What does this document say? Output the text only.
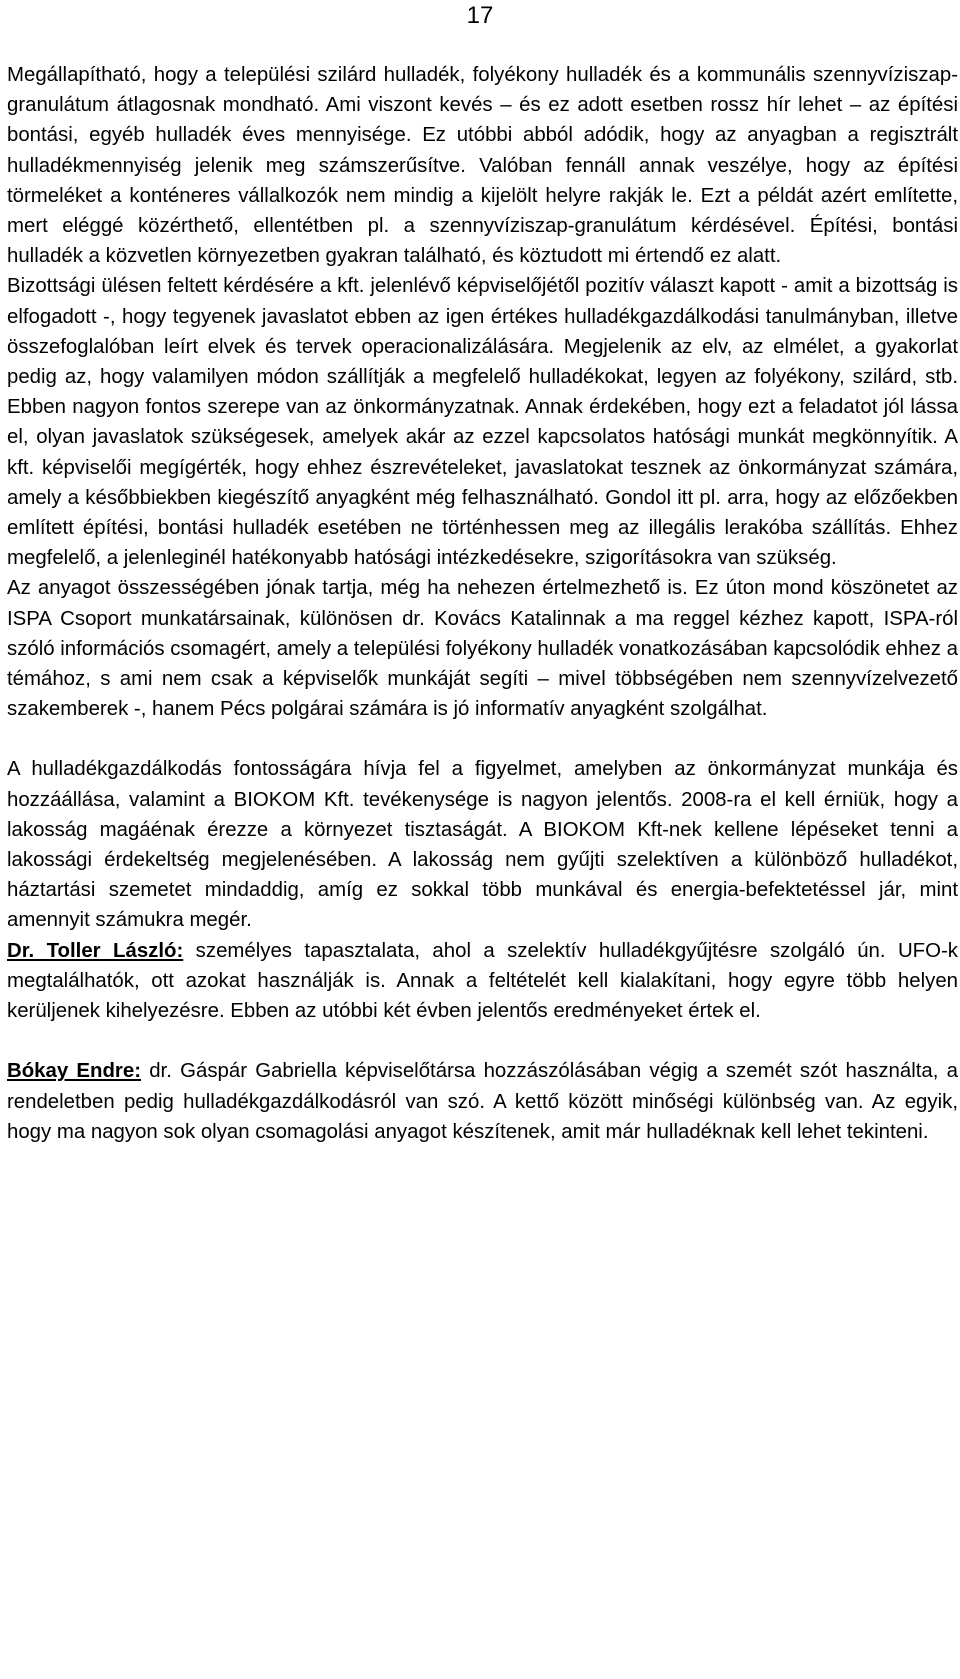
17

Megállapítható, hogy a települési szilárd hulladék, folyékony hulladék és a kommunális szennyvíziszap-granulátum átlagosnak mondható. Ami viszont kevés – és ez adott esetben rossz hír lehet – az építési bontási, egyéb hulladék éves mennyisége. Ez utóbbi abból adódik, hogy az anyagban a regisztrált hulladékmennyiség jelenik meg számszerűsítve. Valóban fennáll annak veszélye, hogy az építési törmeléket a konténeres vállalkozók nem mindig a kijelölt helyre rakják le. Ezt a példát azért említette, mert eléggé közérthető, ellentétben pl. a szennyvíziszap-granulátum kérdésével. Építési, bontási hulladék a közvetlen környezetben gyakran található, és köztudott mi értendő ez alatt.

Bizottsági ülésen feltett kérdésére a kft. jelenlévő képviselőjétől pozitív választ kapott - amit a bizottság is elfogadott -, hogy tegyenek javaslatot ebben az igen értékes hulladékgazdálkodási tanulmányban, illetve összefoglalóban leírt elvek és tervek operacionalizálására. Megjelenik az elv, az elmélet, a gyakorlat pedig az, hogy valamilyen módon szállítják a megfelelő hulladékokat, legyen az folyékony, szilárd, stb. Ebben nagyon fontos szerepe van az önkormányzatnak. Annak érdekében, hogy ezt a feladatot jól lássa el, olyan javaslatok szükségesek, amelyek akár az ezzel kapcsolatos hatósági munkát megkönnyítik. A kft. képviselői megígérték, hogy ehhez észrevételeket, javaslatokat tesznek az önkormányzat számára, amely a későbbiekben kiegészítő anyagként még felhasználható. Gondol itt pl. arra, hogy az előzőekben említett építési, bontási hulladék esetében ne történhessen meg az illegális lerakóba szállítás. Ehhez megfelelő, a jelenleginél hatékonyabb hatósági intézkedésekre, szigorításokra van szükség.

Az anyagot összességében jónak tartja, még ha nehezen értelmezhető is. Ez úton mond köszönetet az ISPA Csoport munkatársainak, különösen dr. Kovács Katalinnak a ma reggel kézhez kapott, ISPA-ról szóló információs csomagért, amely a települési folyékony hulladék vonatkozásában kapcsolódik ehhez a témához, s ami nem csak a képviselők munkáját segíti – mivel többségében nem szennyvízelvezető szakemberek -, hanem Pécs polgárai számára is jó informatív anyagként szolgálhat.

A hulladékgazdálkodás fontosságára hívja fel a figyelmet, amelyben az önkormányzat munkája és hozzáállása, valamint a BIOKOM Kft. tevékenysége is nagyon jelentős. 2008-ra el kell érniük, hogy a lakosság magáénak érezze a környezet tisztaságát. A BIOKOM Kft-nek kellene lépéseket tenni a lakossági érdekeltség megjelenésében. A lakosság nem gyűjti szelektíven a különböző hulladékot, háztartási szemetet mindaddig, amíg ez sokkal több munkával és energia-befektetéssel jár, mint amennyit számukra megér.

Dr. Toller László: személyes tapasztalata, ahol a szelektív hulladékgyűjtésre szolgáló ún. UFO-k megtalálhatók, ott azokat használják is. Annak a feltételét kell kialakítani, hogy egyre több helyen kerüljenek kihelyezésre. Ebben az utóbbi két évben jelentős eredményeket értek el.

Bókay Endre: dr. Gáspár Gabriella képviselőtársa hozzászólásában végig a szemét szót használta, a rendeletben pedig hulladékgazdálkodásról van szó. A kettő között minőségi különbség van. Az egyik, hogy ma nagyon sok olyan csomagolási anyagot készítenek, amit már hulladéknak kell lehet tekinteni.
